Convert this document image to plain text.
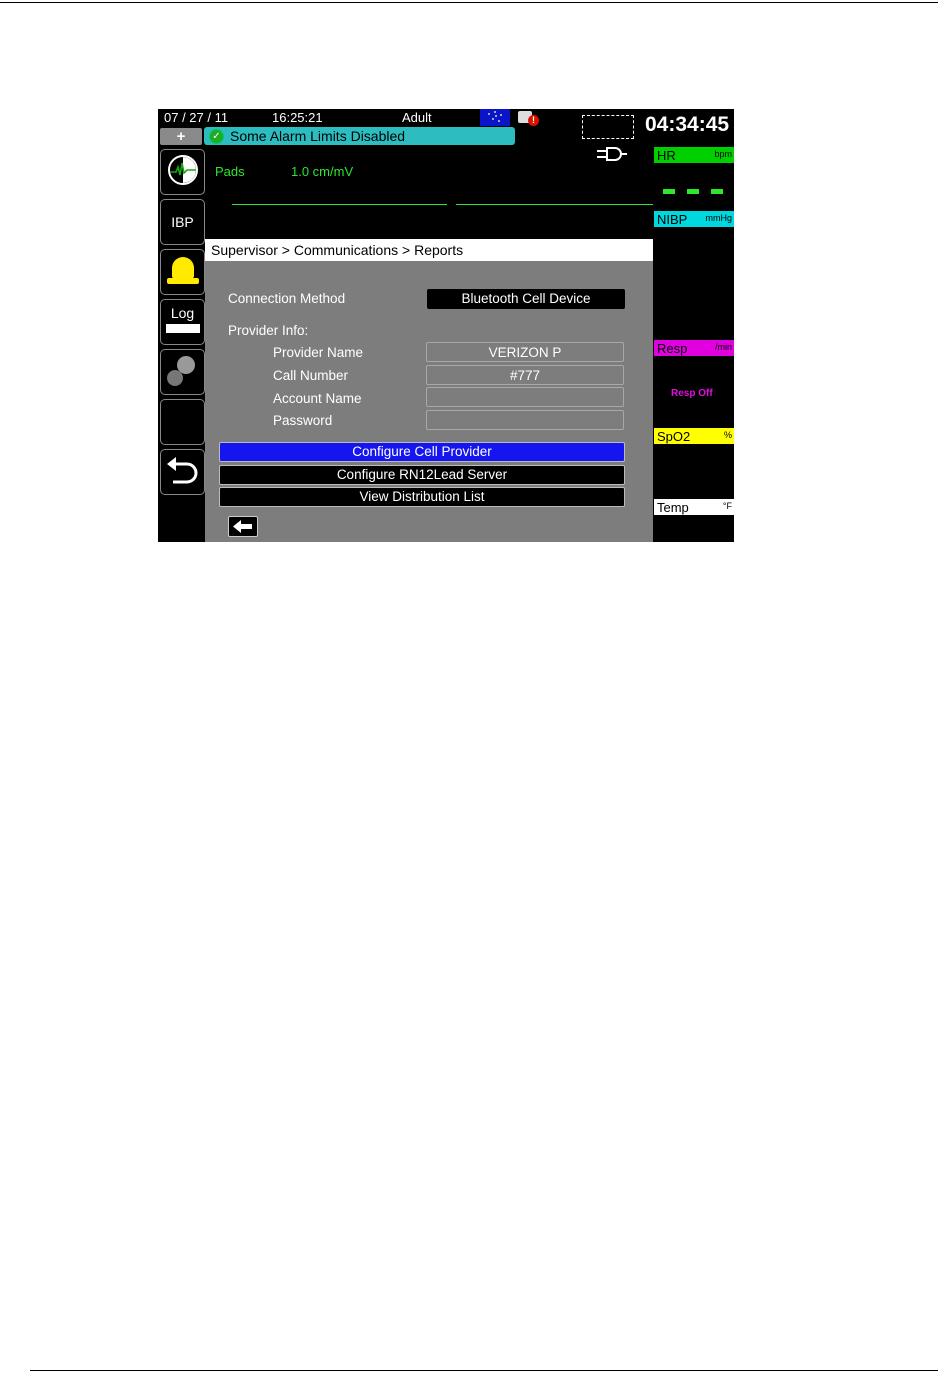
07 / 27 / 11	16:25:21	Adult	!	04:34:45
+	✓ Some Alarm Limits Disabled
IBP
Log
Pads	1.0 cm/mV
HR	bpm
NIBP mmHg
Resp	/min
Resp Off
SpO2	%
Temp	°F
Supervisor > Communications > Reports
Connection Method	Bluetooth Cell Device
Provider Info:
Provider Name	VERIZON P
Call Number	#777
Account Name
Password
Configure Cell Provider
Configure RN12Lead Server
View Distribution List
